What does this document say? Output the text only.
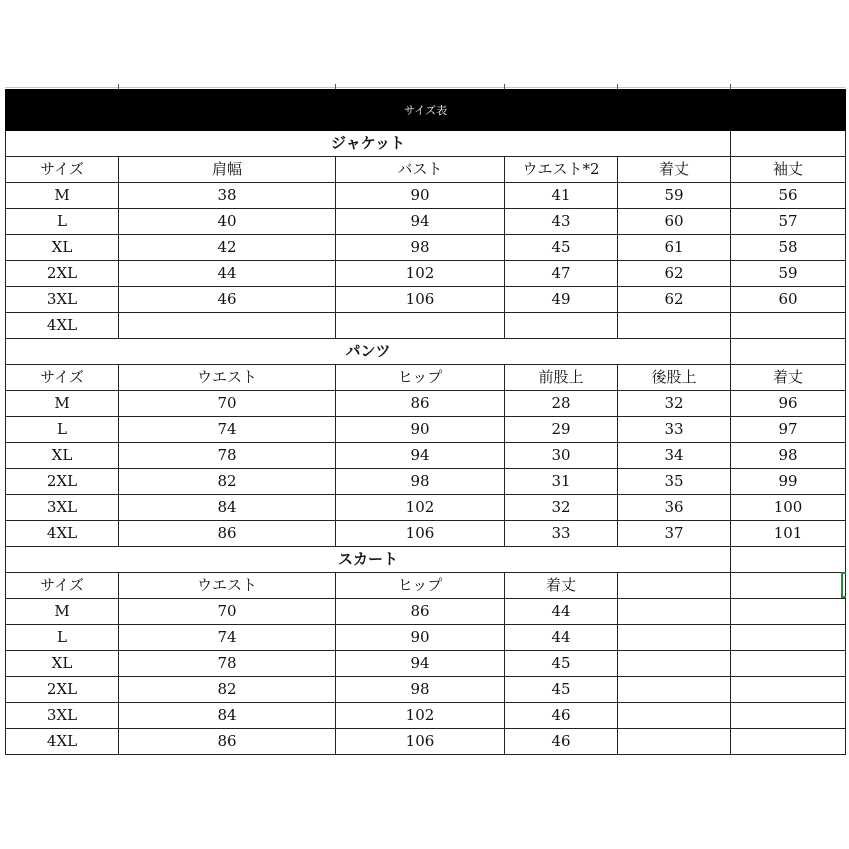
サイズ表					
ジャケット					
サイズ	肩幅	バスト	ウエスト*2	着丈	袖丈
M	38	90	41	59	56
L	40	94	43	60	57
XL	42	98	45	61	58
2XL	44	102	47	62	59
3XL	46	106	49	62	60
4XL					
パンツ					
サイズ	ウエスト	ヒップ	前股上	後股上	着丈
M	70	86	28	32	96
L	74	90	29	33	97
XL	78	94	30	34	98
2XL	82	98	31	35	99
3XL	84	102	32	36	100
4XL	86	106	33	37	101
スカート					
サイズ	ウエスト	ヒップ	着丈		
M	70	86	44		
L	74	90	44		
XL	78	94	45		
2XL	82	98	45		
3XL	84	102	46		
4XL	86	106	46		
